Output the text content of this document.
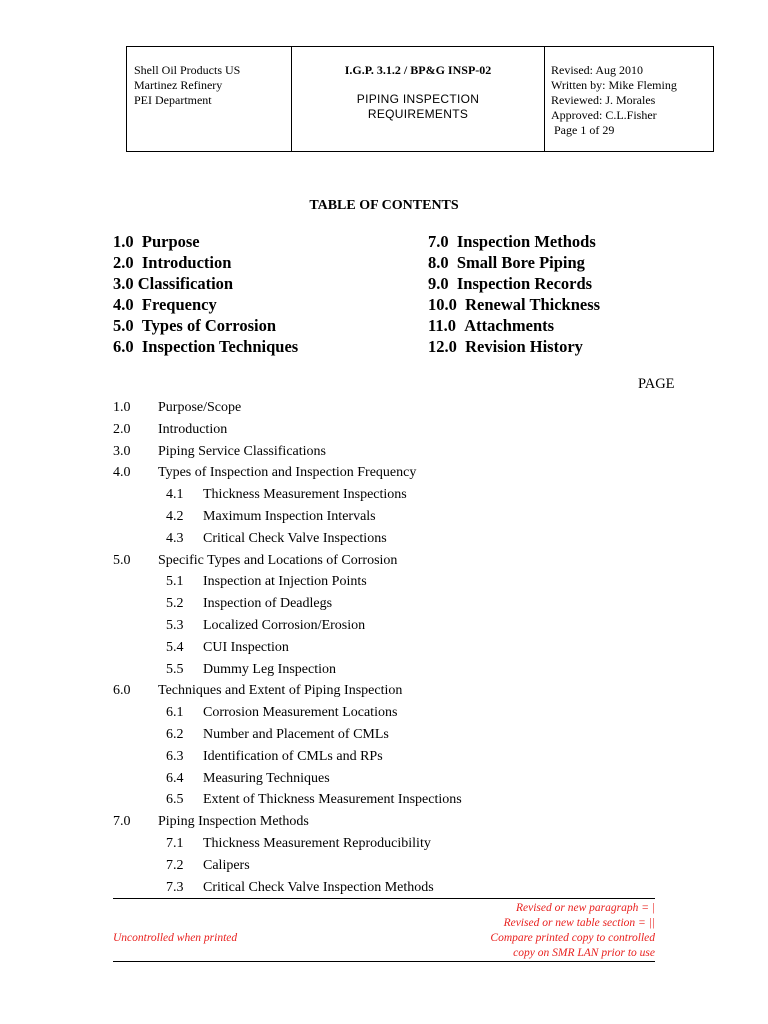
Shell Oil Products US
Martinez Refinery
PEI Department
I.G.P. 3.1.2 / BP&G INSP-02
PIPING INSPECTION
REQUIREMENTS
Revised: Aug 2010
Written by: Mike Fleming
Reviewed: J. Morales
Approved: C.L.Fisher
Page 1 of 29
TABLE OF CONTENTS
1.0 Purpose
2.0 Introduction
3.0 Classification
4.0 Frequency
5.0 Types of Corrosion
6.0 Inspection Techniques
7.0 Inspection Methods
8.0 Small Bore Piping
9.0 Inspection Records
10.0 Renewal Thickness
11.0 Attachments
12.0 Revision History
PAGE
1.0 Purpose/Scope
2.0 Introduction
3.0 Piping Service Classifications
4.0 Types of Inspection and Inspection Frequency
4.1 Thickness Measurement Inspections
4.2 Maximum Inspection Intervals
4.3 Critical Check Valve Inspections
5.0 Specific Types and Locations of Corrosion
5.1 Inspection at Injection Points
5.2 Inspection of Deadlegs
5.3 Localized Corrosion/Erosion
5.4 CUI Inspection
5.5 Dummy Leg Inspection
6.0 Techniques and Extent of Piping Inspection
6.1 Corrosion Measurement Locations
6.2 Number and Placement of CMLs
6.3 Identification of CMLs and RPs
6.4 Measuring Techniques
6.5 Extent of Thickness Measurement Inspections
7.0 Piping Inspection Methods
7.1 Thickness Measurement Reproducibility
7.2 Calipers
7.3 Critical Check Valve Inspection Methods
Uncontrolled when printed
Revised or new paragraph = |
Revised or new table section = ||
Compare printed copy to controlled
copy on SMR LAN prior to use
